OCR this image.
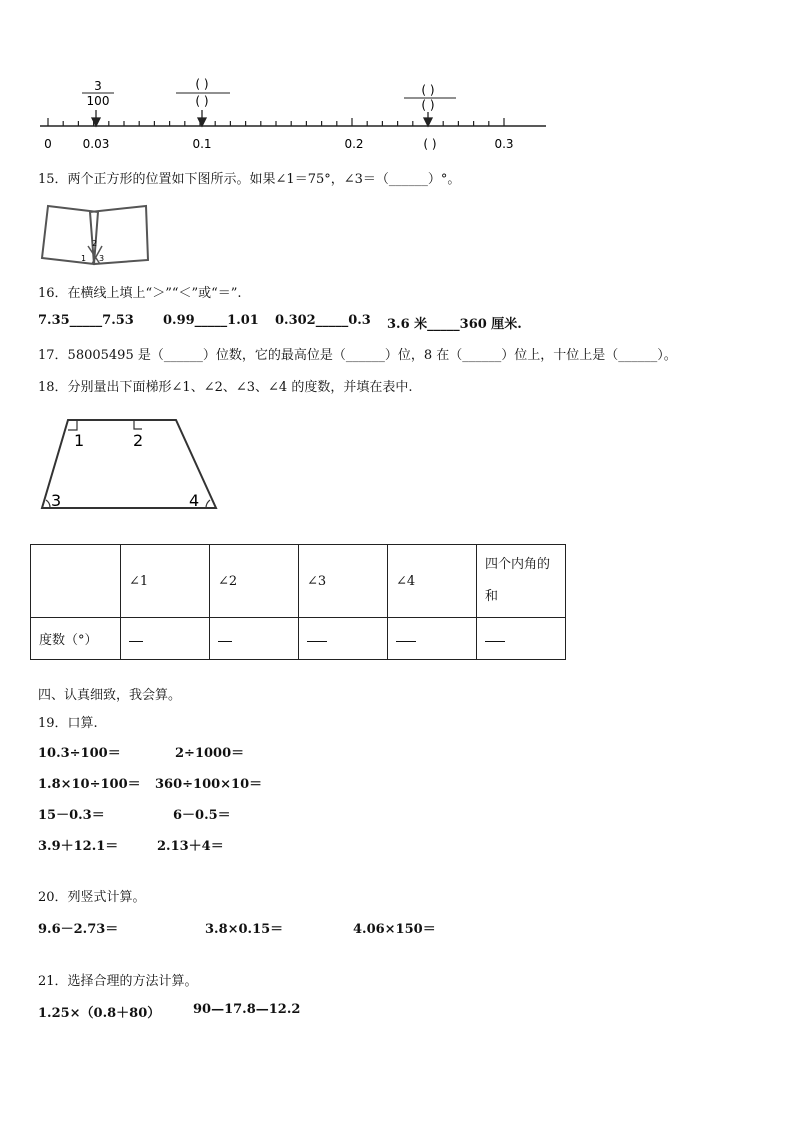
3
100
( )
( )
( )
( )
0	0.03	0.1	0.2	( )	0.3
15．两个正方形的位置如下图所示。如果∠1＝75°，∠3＝（______）°。
1
2
3
16．在横线上填上“＞”“＜”或“＝”.
7.35_____7.53 0.99_____1.01 0.302_____0.3 3.6 米_____360 厘米.
17．58005495 是（______）位数，它的最高位是（______）位，8 在（______）位上，十位上是（______）。
18．分别量出下面梯形∠1、∠2、∠3、∠4 的度数，并填在表中.
1	2
3	4
	∠1	∠2	∠3	∠4	四个内角的
和

度数（°）					
四、认真细致，我会算。
19．口算.
10.3÷100＝	2÷1000＝
1.8×10÷100＝ 360÷100×10＝
15－0.3＝	6－0.5＝
3.9＋12.1＝	2.13＋4＝
20．列竖式计算。
9.6－2.73＝	3.8×0.15＝	4.06×150＝
21．选择合理的方法计算。
1.25×（0.8＋80）	90—17.8—12.2
